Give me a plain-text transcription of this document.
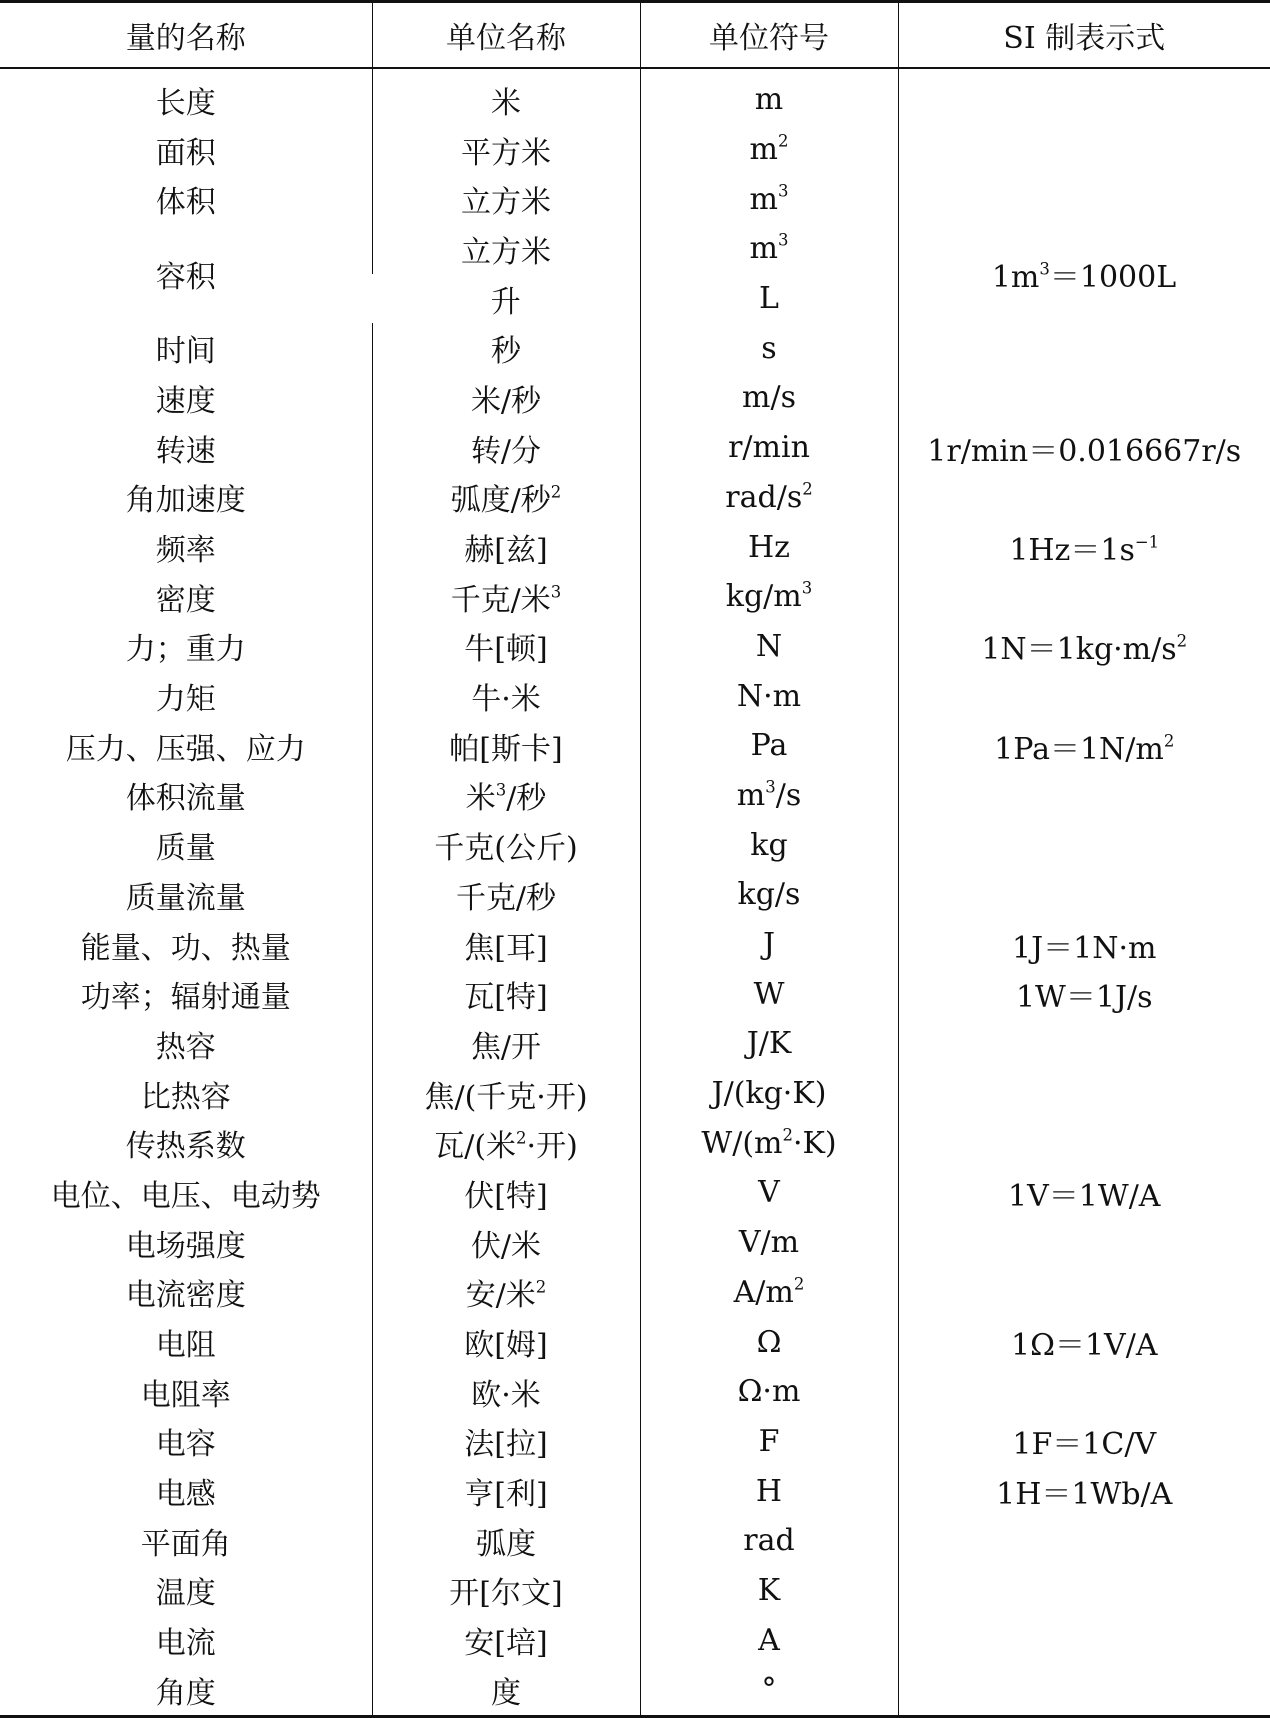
量的名称	单位名称	单位符号	SI 制表示式	
长度	米	m		
面积	平方米	$m^2$	
体积	立方米	$m^3$	
容积	立方米	$m^3$	$1m^3=1000L$	
	升	L		
时间	秒	s		
速度	米/秒	m/s		
转速	转/分	r/min	1r/min＝0.016667r/s	
角加速度	弧度/秒$^2$	rad/$s^2$	
频率	赫[兹]	Hz	$1Hz=1s^{-1}$
密度	千克/米$^3$	$kg/m^3$	
力；重力	牛[顿]	N	$1N=1kg\cdot m/s^2$
力矩	牛·米	N·m		
压力、压强、应力	帕[斯卡]	Pa	$1Pa=1N/m^2$
体积流量	米$^3$/秒	$m^3/s$		
质量	千克(公斤)	kg		
质量流量	千克/秒	kg/s		
能量、功、热量	焦[耳]	J	1J＝1N·m	
功率；辐射通量	瓦[特]	W	1W＝1J/s	
热容	焦/开	J/K		
比热容	焦/(千克·开)	J/(kg·K)		
传热系数	瓦/(米$^2$·开)	$W/(m^2\cdot K)$		
电位、电压、电动势	伏[特]	V	1V＝1W/A	
电场强度	伏/米	V/m		
电流密度	安/米$^2$	$A/m^2$	
电阻	欧[姆]	Ω	1Ω＝1V/A	
电阻率	欧·米	Ω·m		
电容	法[拉]	F	1F＝1C/V	
电感	亨[利]	H	1H＝1Wb/A	
平面角	弧度	rad		
温度	开[尔文]	K		
电流	安[培]	A		
角度	度	°		
